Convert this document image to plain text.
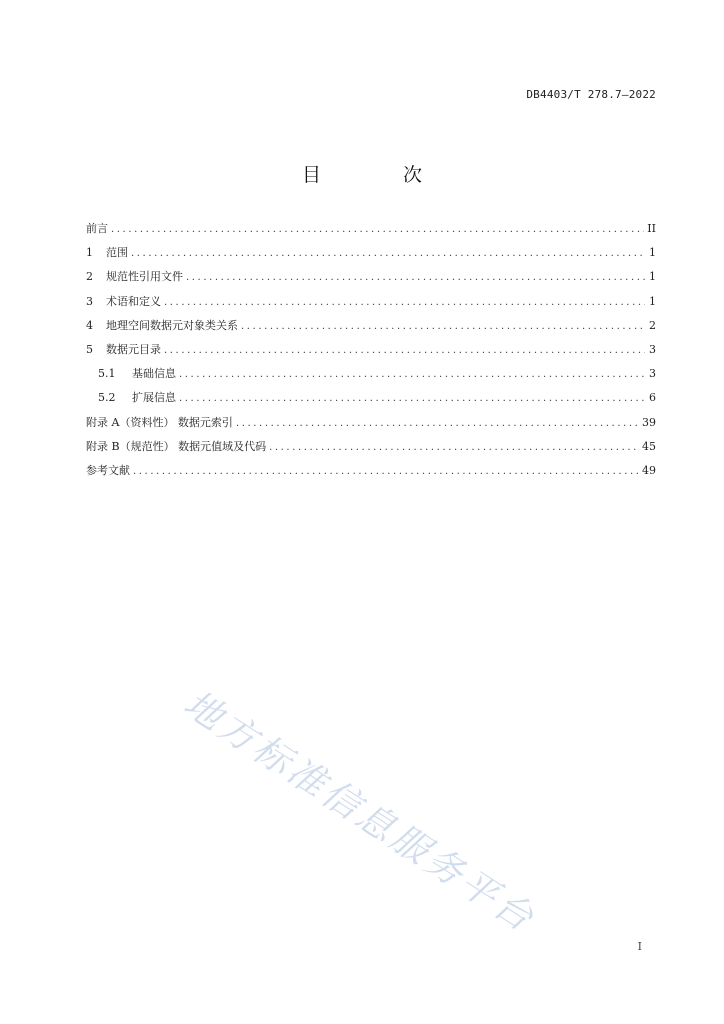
DB4403/T 278.7—2022
目 次
前言 .....	II
1	范围 .....	1
2	规范性引用文件 .....	1
3	术语和定义 .....	1
4	地理空间数据元对象类关系 .....	2
5	数据元目录 .....	3
5.1	基础信息 .....	3
5.2	扩展信息 .....	6
附录 A（资料性） 数据元索引 .....	39
附录 B（规范性） 数据元值域及代码 .....	45
参考文献 .....	49
地方标准信息服务平台
I
